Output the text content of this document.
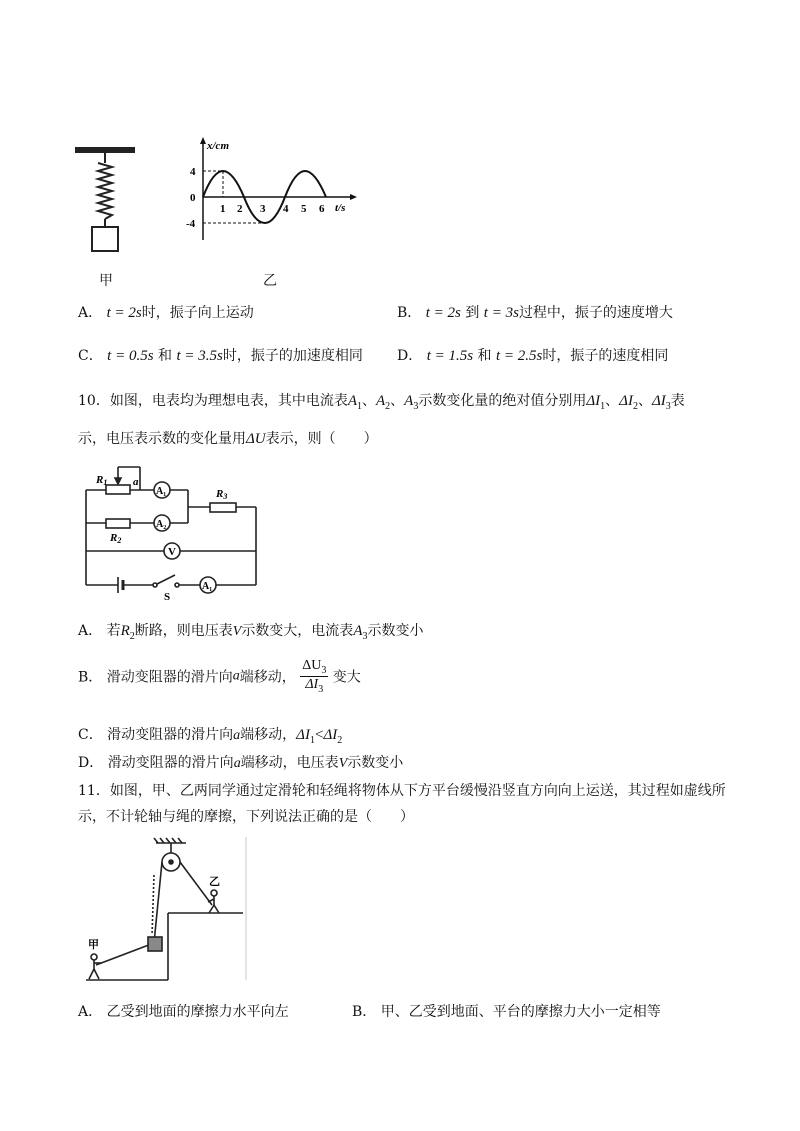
甲
x/cm
t/s
0
4
-4
1 2 3 4 5 6
乙
A． t = 2s时，振子向上运动	B． t = 2s 到 t = 3s过程中，振子的速度增大
C． t = 0.5s 和 t = 3.5s时，振子的加速度相同 D． t = 1.5s 和 t = 2.5s时，振子的速度相同
10．如图，电表均为理想电表，其中电流表$A_1$、$A_2$、$A_3$示数变化量的绝对值分别用$\Delta I_1$、$\Delta I_2$、$\Delta I_3$表
示，电压表示数的变化量用ΔU表示，则（　　）
R1 a
R3
R2
A₁
A₂
V
A₁
S
A． 若$R_2$断路，则电压表V示数变大，电流表$A_3$示数变小
B． 滑动变阻器的滑片向a端移动， $\frac{\Delta U_3}{\Delta I_3}$ 变大
C． 滑动变阻器的滑片向a端移动，$\Delta I_1<\Delta I_2$
D． 滑动变阻器的滑片向a端移动，电压表V示数变小
11．如图，甲、乙两同学通过定滑轮和轻绳将物体从下方平台缓慢沿竖直方向向上运送，其过程如虚线所
示，不计轮轴与绳的摩擦，下列说法正确的是（　　）
甲
乙
A． 乙受到地面的摩擦力水平向左	B． 甲、乙受到地面、平台的摩擦力大小一定相等
